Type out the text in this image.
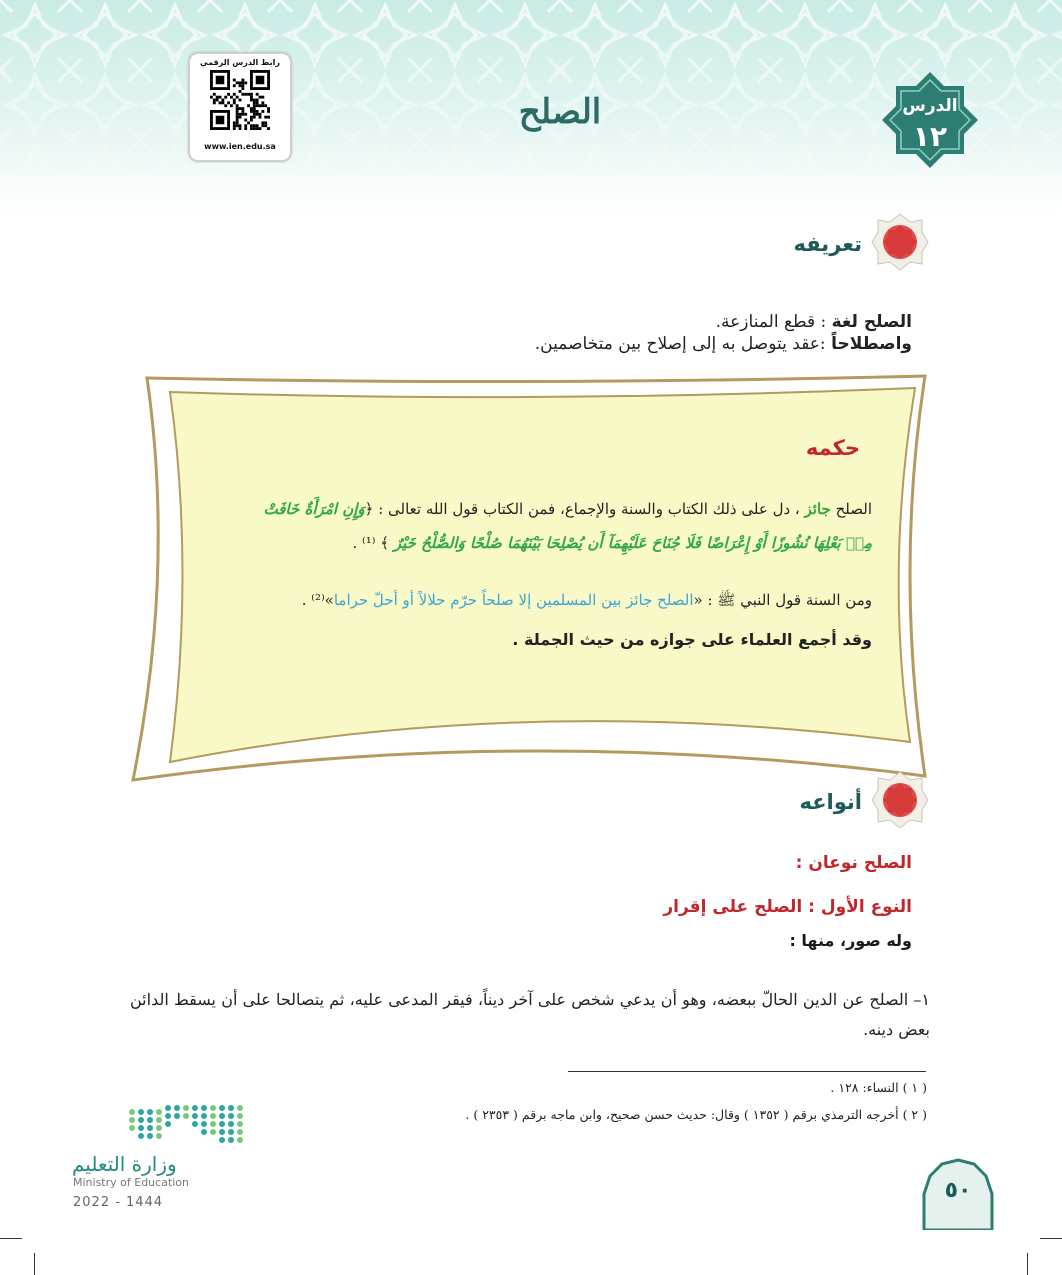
الصلح	الدرس
١٢
رابط الدرس الرقمي
www.ien.edu.sa
تعريفه
الصلح لغة : قطع المنازعة.
واصطلاحاً :عقد يتوصل به إلى إصلاح بين متخاصمين.
حكمه
الصلح جائز ، دل على ذلك الكتاب والسنة والإجماع، فمن الكتاب قول الله تعالى : ﴿وَإِنِ امْرَأَةٌ خَافَتْ
مِنۢ بَعْلِهَا نُشُوزًا أَوْ إِعْرَاضًا فَلَا جُنَاحَ عَلَيْهِمَآ أَن يُصْلِحَا بَيْنَهُمَا صُلْحًا وَالصُّلْحُ خَيْرٌ ﴾ ⁽¹⁾ .
ومن السنة قول النبي ﷺ : «الصلح جائز بين المسلمين إلا صلحاً حرّم حلالاً أو أحلّ حراما»⁽²⁾ .
وقد أجمع العلماء على جوازه من حيث الجملة .
أنواعه
الصلح نوعان :
النوع الأول : الصلح على إقرار
وله صور، منها :
١– الصلح عن الدين الحالّ ببعضه، وهو أن يدعي شخص على آخر ديناً، فيقر المدعى عليه، ثم يتصالحا على أن يسقط الدائن بعض دينه.
( ١ ) النساء: ١٢٨ .
( ٢ ) أخرجه الترمذي برقم ( ١٣٥٢ ) وقال: حديث حسن صحيح، وابن ماجه برقم ( ٢٣٥٣ ) .
وزارة التعليم
Ministry of Education
2022 - 1444	٥٠
